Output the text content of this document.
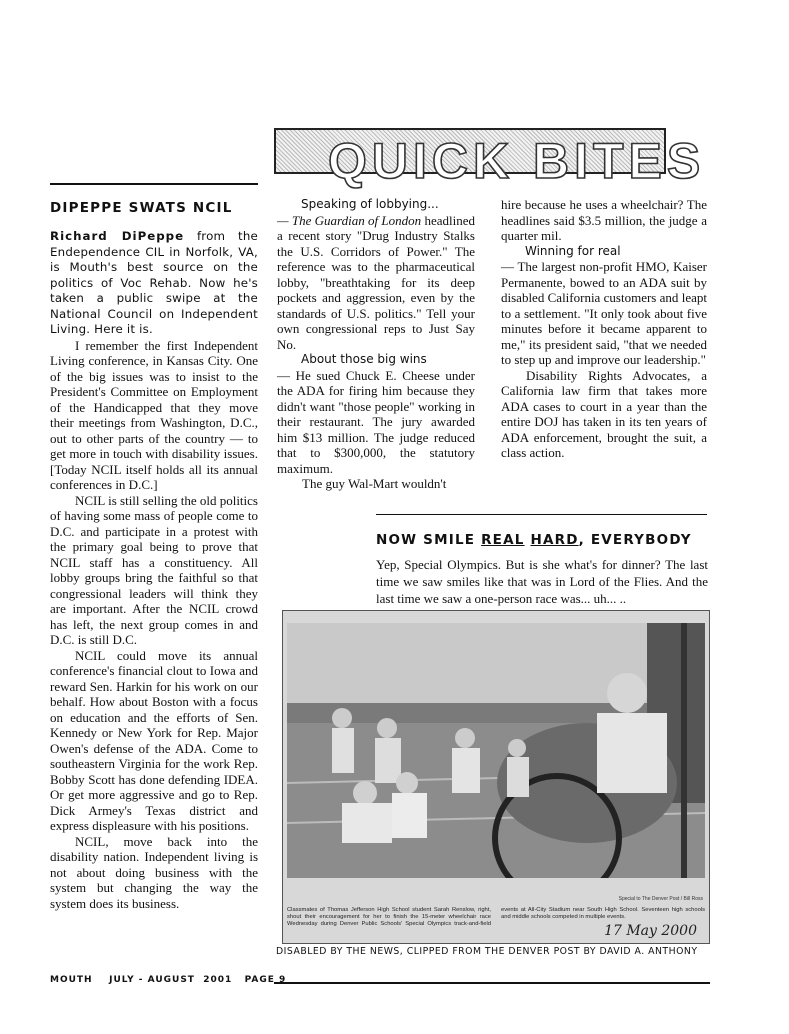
QUICK BITES
DIPEPPE SWATS NCIL

Richard DiPeppe from the Endependence CIL in Norfolk, VA, is Mouth's best source on the politics of Voc Rehab. Now he's taken a public swipe at the National Council on Independent Living. Here it is.

I remember the first Independent Living conference, in Kansas City. One of the big issues was to insist to the President's Committee on Employment of the Handicapped that they move their meetings from Washington, D.C., out to other parts of the country — to get more in touch with disability issues. [Today NCIL itself holds all its annual conferences in D.C.]

NCIL is still selling the old politics of having some mass of people come to D.C. and participate in a protest with the primary goal being to prove that NCIL staff has a constituency. All lobby groups bring the faithful so that congressional leaders will think they are important. After the NCIL crowd has left, the next group comes in and D.C. is still D.C.

NCIL could move its annual conference's financial clout to Iowa and reward Sen. Harkin for his work on our behalf. How about Boston with a focus on education and the efforts of Sen. Kennedy or New York for Rep. Major Owen's defense of the ADA. Come to southeastern Virginia for the work Rep. Bobby Scott has done defending IDEA. Or get more aggressive and go to Rep. Dick Armey's Texas district and express displeasure with his positions.

NCIL, move back into the disability nation. Independent living is not about doing business with the system but changing the way the system does its business.

Speaking of lobbying...

— The Guardian of London headlined a recent story "Drug Industry Stalks the U.S. Corridors of Power." The reference was to the pharmaceutical lobby, "breathtaking for its deep pockets and aggression, even by the standards of U.S. politics." Tell your own congressional reps to Just Say No.

About those big wins

— He sued Chuck E. Cheese under the ADA for firing him because they didn't want "those people" working in their restaurant. The jury awarded him $13 million. The judge reduced that to $300,000, the statutory maximum.

The guy Wal-Mart wouldn't

hire because he uses a wheelchair? The headlines said $3.5 million, the judge a quarter mil.

Winning for real

— The largest non-profit HMO, Kaiser Permanente, bowed to an ADA suit by disabled California customers and leapt to a settlement. "It only took about five minutes before it became apparent to me," its president said, "that we needed to step up and improve our leadership."

Disability Rights Advocates, a California law firm that takes more ADA cases to court in a year than the entire DOJ has taken in its ten years of ADA enforcement, brought the suit, a class action.

NOW SMILE REAL HARD, EVERYBODY

Yep, Special Olympics. But is she what's for dinner? The last time we saw smiles like that was in Lord of the Flies. And the last time we saw a one-person race was... uh... ..

Special to The Denver Post / Bill Ross
Classmates of Thomas Jefferson High School student Sarah Renslow, right, shout their encouragement for her to finish the 15-meter wheelchair race Wednesday during Denver Public Schools' Special Olympics track-and-field events at All-City Stadium near South High School. Seventeen high schools and middle schools competed in multiple events.
17 May 2000
DISABLED BY THE NEWS, CLIPPED FROM THE DENVER POST BY DAVID A. ANTHONY
MOUTH    JULY - AUGUST  2001   PAGE 9
